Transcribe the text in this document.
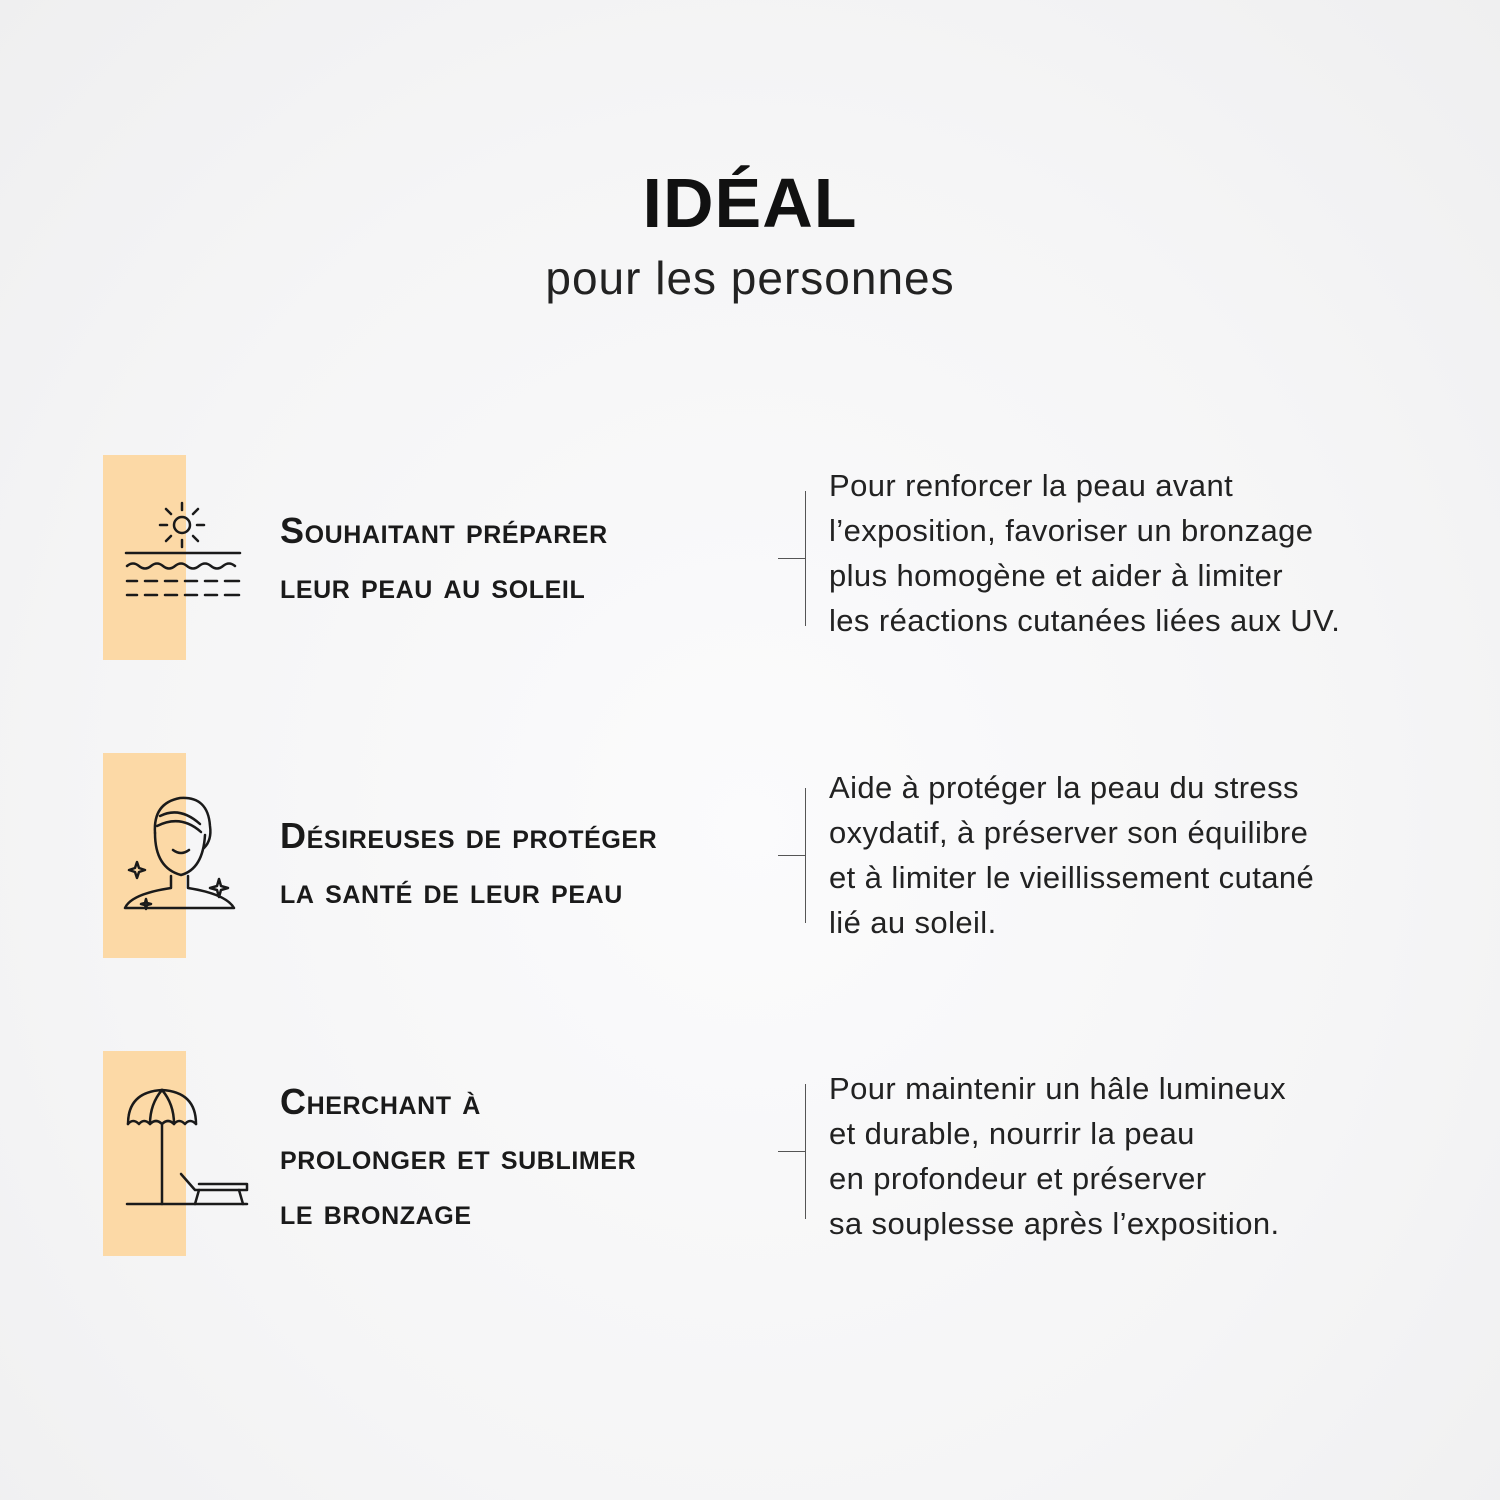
IDÉAL
pour les personnes
Souhaitant préparer
leur peau au soleil
Pour renforcer la peau avant
l’exposition, favoriser un bronzage
plus homogène et aider à limiter
les réactions cutanées liées aux UV.
Désireuses de protéger
la santé de leur peau
Aide à protéger la peau du stress
oxydatif, à préserver son équilibre
et à limiter le vieillissement cutané
lié au soleil.
Cherchant à
prolonger et sublimer
le bronzage
Pour maintenir un hâle lumineux
et durable, nourrir la peau
en profondeur et préserver
sa souplesse après l’exposition.
